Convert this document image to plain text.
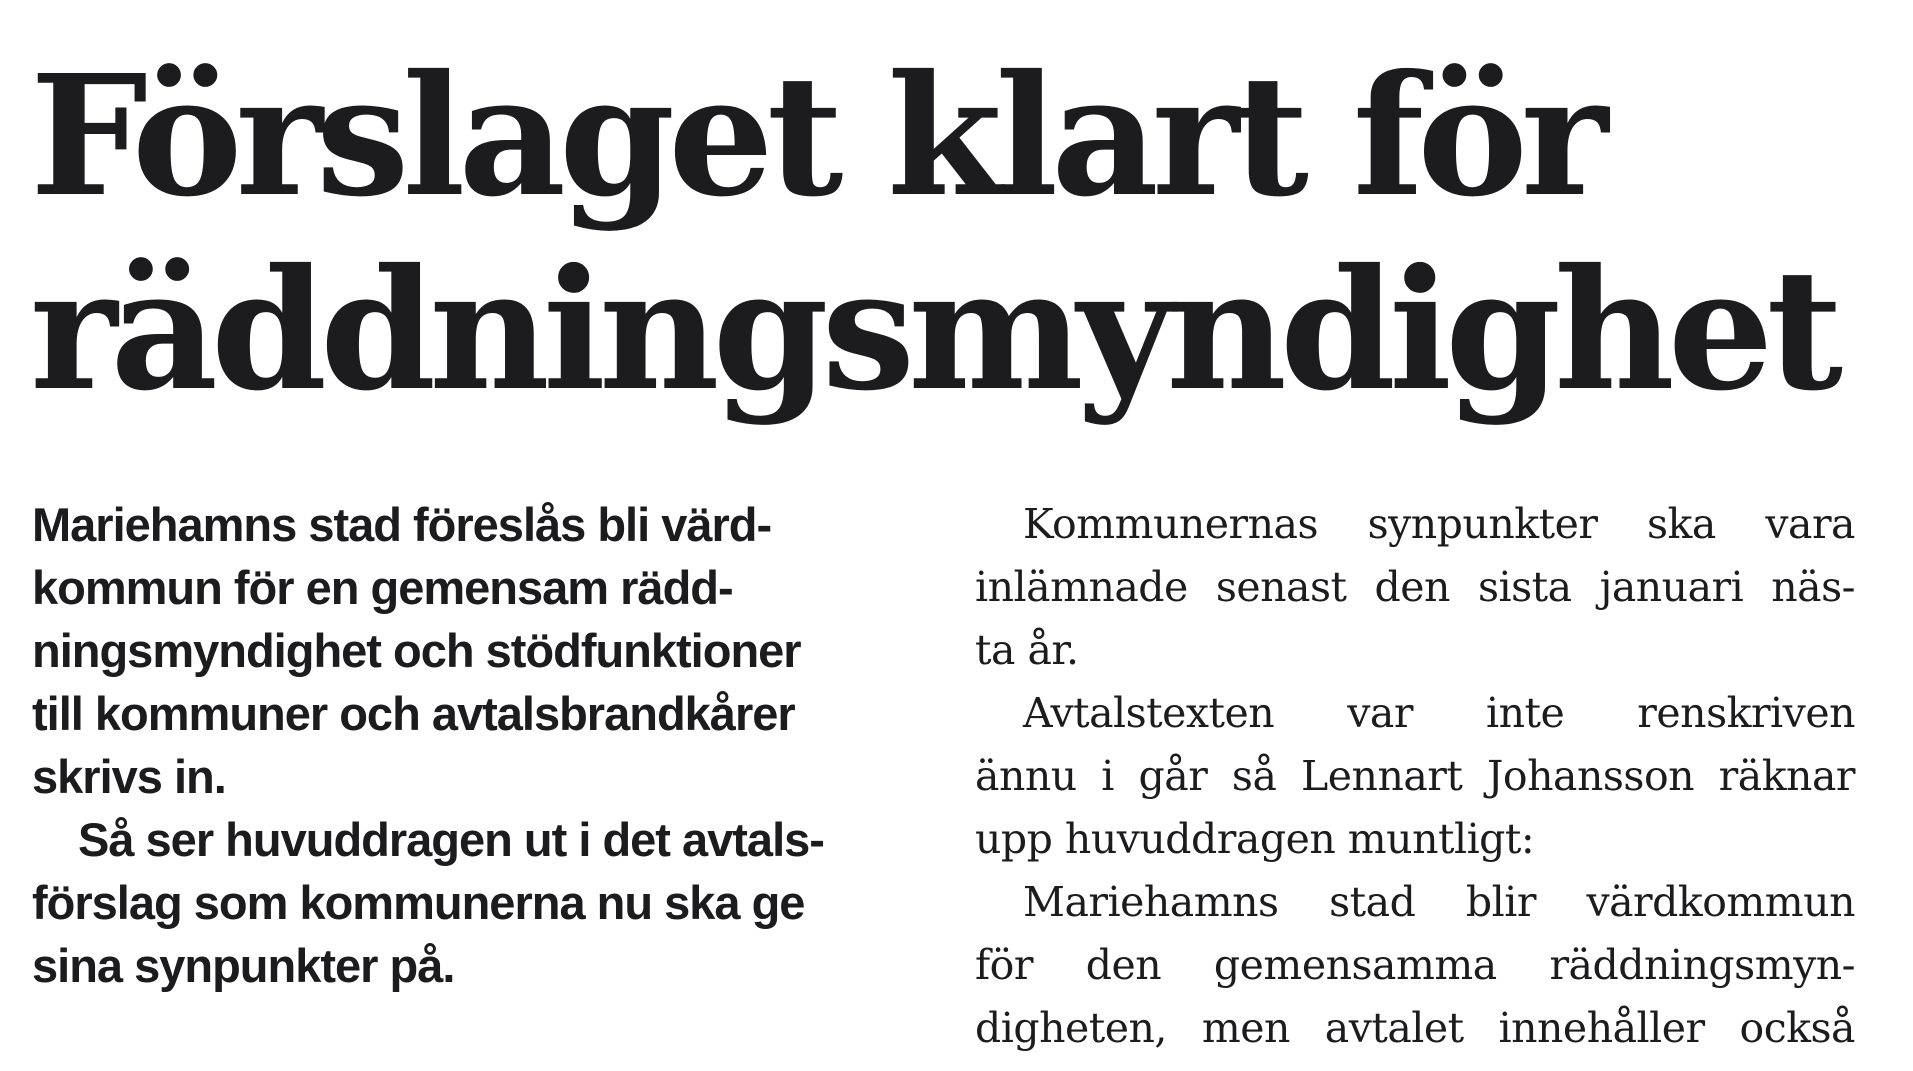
Förslaget klart för
räddningsmyndighet
Mariehamns stad föreslås bli värd-
kommun för en gemensam rädd-
ningsmyndighet och stödfunktioner
till kommuner och avtalsbrandkårer
skrivs in.
Så ser huvuddragen ut i det avtals-
förslag som kommunerna nu ska ge
sina synpunkter på.
Kommunernas synpunkter ska vara
inlämnade senast den sista januari näs-
ta år.
Avtalstexten var inte renskriven
ännu i går så Lennart Johansson räknar
upp huvuddragen muntligt:
Mariehamns stad blir värdkommun
för den gemensamma räddningsmyn-
digheten, men avtalet innehåller också
